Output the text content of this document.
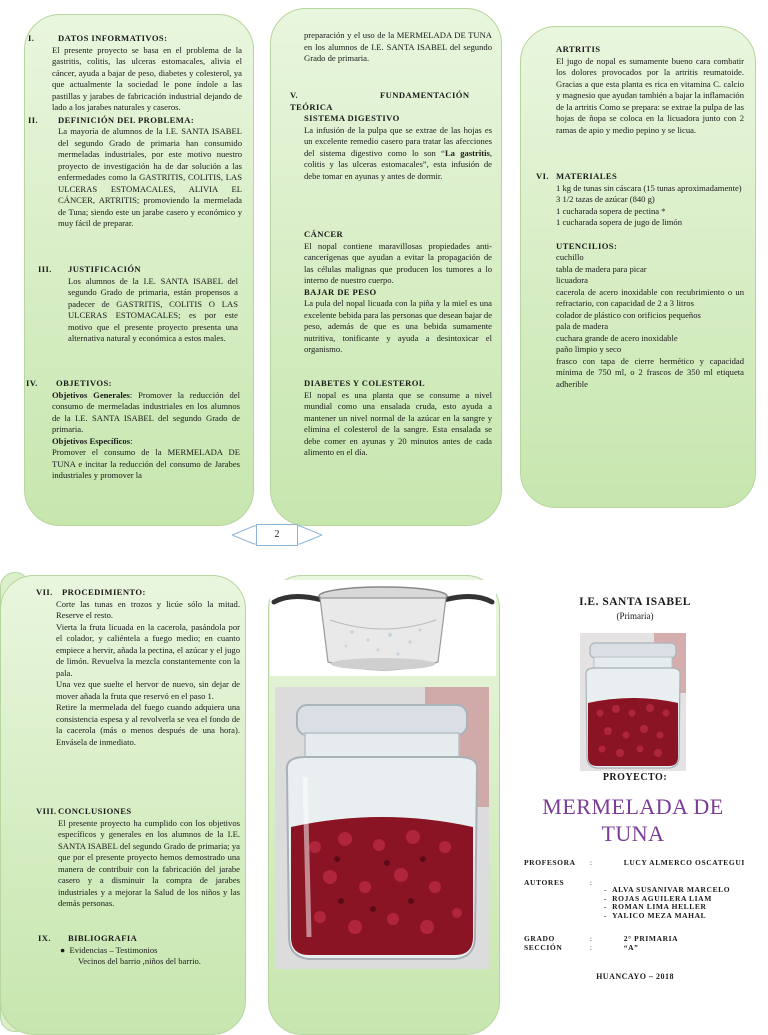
I.	DATOS INFORMATIVOS:

El presente proyecto se basa en el problema de la gastritis, colitis, las ulceras estomacales, alivia el cáncer, ayuda a bajar de peso, diabetes y colesterol, ya que actualmente la sociedad le pone índole a las pastillas y jarabes de fabricación industrial dejando de lado a los jarabes naturales y caseros.

II. DEFINICIÓN DEL PROBLEMA:

La mayoría de alumnos de la I.E. SANTA ISABEL del segundo Grado de primaria han consumido mermeladas industriales, por este motivo nuestro proyecto de investigación ha de dar solución a las enfermedades como la GASTRITIS, COLITIS, LAS ULCERAS ESTOMACALES, ALIVIA EL CÁNCER, ARTRITIS; promoviendo la mermelada de Tuna; siendo este un jarabe casero y económico y muy fácil de preparar.

III. JUSTIFICACIÓN

Los alumnos de la I.E. SANTA ISABEL del segundo Grado de primaria, están propensos a padecer de GASTRITIS, COLITIS O LAS ULCERAS ESTOMACALES; es por este motivo que el presente proyecto presenta una alternativa natural y económica a estos males.

IV. OBJETIVOS:

Objetivos Generales: Promover la reducción del consumo de mermeladas industriales en los alumnos de la I.E. SANTA ISABEL del segundo Grado de primaria.

Objetivos Específicos:

Promover el consumo de la MERMELADA DE TUNA e incitar la reducción del consumo de Jarabes industriales y promover la

preparación y el uso de la MERMELADA DE TUNA en los alumnos de I.E. SANTA ISABEL del segundo Grado de primaria.

V.	FUNDAMENTACIÓN TEÓRICA

SISTEMA DIGESTIVO

La infusión de la pulpa que se extrae de las hojas es un excelente remedio casero para tratar las afecciones del sistema digestivo como lo son “La gastritis, colitis y las ulceras estomacales”, esta infusión de debe tomar en ayunas y antes de dormir.

CÁNCER

El nopal contiene maravillosas propiedades anti-cancerígenas que ayudan a evitar la propagación de las células malignas que producen los tumores a lo interno de nuestro cuerpo.

BAJAR DE PESO

La pula del nopal licuada con la piña y la miel es una excelente bebida para las personas que desean bajar de peso, además de que es una bebida sumamente nutritiva, tonificante y ayuda a desintoxicar el organismo.

DIABETES Y COLESTEROL

El nopal es una planta que se consume a nivel mundial como una ensalada cruda, esto ayuda a mantener un nivel normal de la azúcar en la sangre y elimina el colesterol de la sangre. Esta ensalada se debe comer en ayunas y 20 minutos antes de cada alimento en el día.

ARTRITIS

El jugo de nopal es sumamente bueno cara combatir los dolores provocados por la artritis reumatoide. Gracias a que esta planta es rica en vitamina C. calcio y magnesio que ayudan también a bajar la inflamación de la artritis Como se prepara: se extrae la pulpa de las hojas de ñopa se coloca en la licuadora junto con 2 ramas de apio y medio pepino y se licua.

VI. MATERIALES

1 kg de tunas sin cáscara (15 tunas aproximadamente)

3 1/2 tazas de azúcar (840 g)

1 cucharada sopera de pectina *

1 cucharada sopera de jugo de limón

UTENCILIOS:

cuchillo

tabla de madera para picar

licuadora

cacerola de acero inoxidable con recubrimiento o un refractario, con capacidad de 2 a 3 litros

colador de plástico con orificios pequeños

pala de madera

cuchara grande de acero inoxidable

paño limpio y seco

frasco con tapa de cierre hermético y capacidad mínima de 750 ml, o 2 frascos de 350 ml etiqueta adherible

2

VII. PROCEDIMIENTO:

Corte las tunas en trozos y licúe sólo la mitad. Reserve el resto.

Vierta la fruta licuada en la cacerola, pasándola por el colador, y caliéntela a fuego medio; en cuanto empiece a hervir, añada la pectina, el azúcar y el jugo de limón. Revuelva la mezcla constantemente con la pala.

Una vez que suelte el hervor de nuevo, sin dejar de mover añada la fruta que reservó en el paso 1.

Retire la mermelada del fuego cuando adquiera una consistencia espesa y al revolverla se vea el fondo de la cacerola (más o menos después de una hora). Envásela de inmediato.

VIII. CONCLUSIONES

El presente proyecto ha cumplido con los objetivos específicos y generales en los alumnos de la I.E. SANTA ISABEL del segundo Grado de primaria; ya que por el presente proyecto hemos demostrado una manera de contribuir con la fabricación del jarabe casero y a disminuir la compra de jarabes industriales y a mejorar la Salud de los niños y las demás personas.

IX. BIBLIOGRAFIA

●  Evidencias – Testimonios

Vecinos del barrio ,niños del barrio.

I.E. SANTA ISABEL
(Primaria)
PROYECTO:
MERMELADA DE TUNA
PROFESORA :	LUCY ALMERCO OSCATEGUI
AUTORES	:
-   ALVA SUSANIVAR MARCELO
-   ROJAS AGUILERA LIAM
-   ROMAN LIMA HELLER
-   YALICO MEZA MAHAL
GRADO	:	2° PRIMARIA
SECCIÓN	:	“A”
HUANCAYO – 2018
